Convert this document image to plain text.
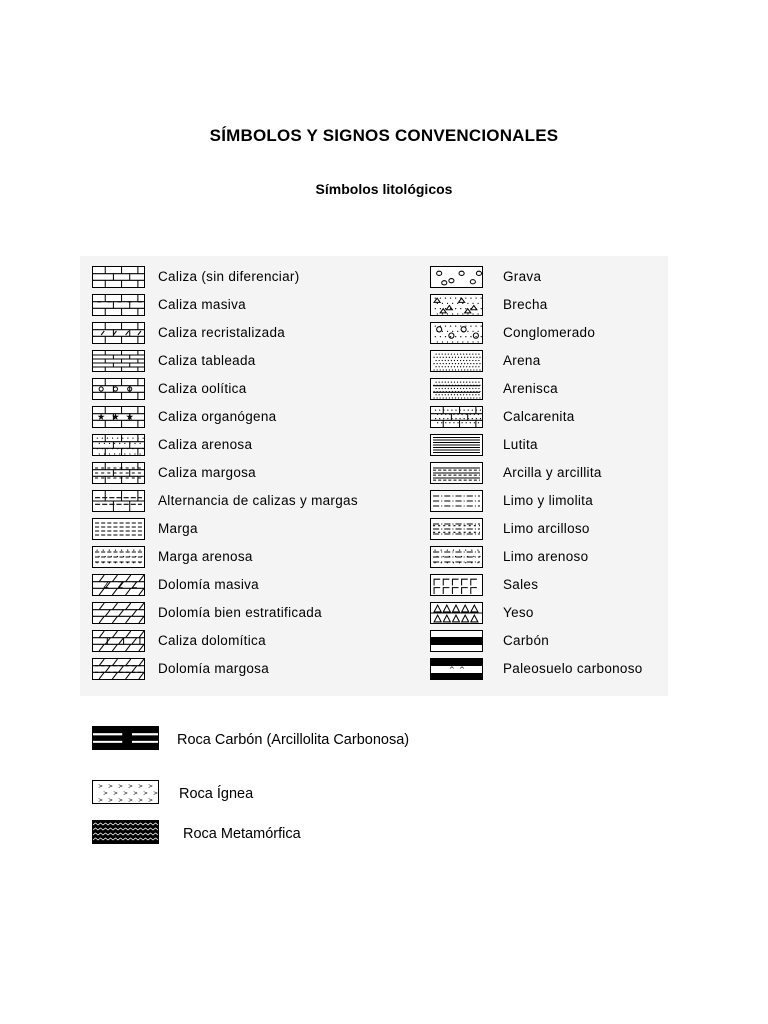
SÍMBOLOS Y SIGNOS CONVENCIONALES
Símbolos litológicos
Caliza (sin diferenciar)
Caliza masiva
Caliza recristalizada
Caliza tableada
Caliza oolítica
★ ★ ★ Caliza organógena
Caliza arenosa
Caliza margosa
Alternancia de calizas y margas
Marga
Marga arenosa
Z Z Z Dolomía masiva
Dolomía bien estratificada
Caliza dolomítica
Dolomía margosa
Grava
Brecha
Conglomerado
Arena
Arenisca
Calcarenita
Lutita
Arcilla y arcillita
Limo y limolita
Limo arcilloso
Limo arenoso
Sales
Yeso
Carbón
^ ^	Paleosuelo carbonoso
Roca Carbón (Arcillolita Carbonosa)
> > > > > >
> > > > > >
> > > > > > Roca Ígnea
Roca Metamórfica
